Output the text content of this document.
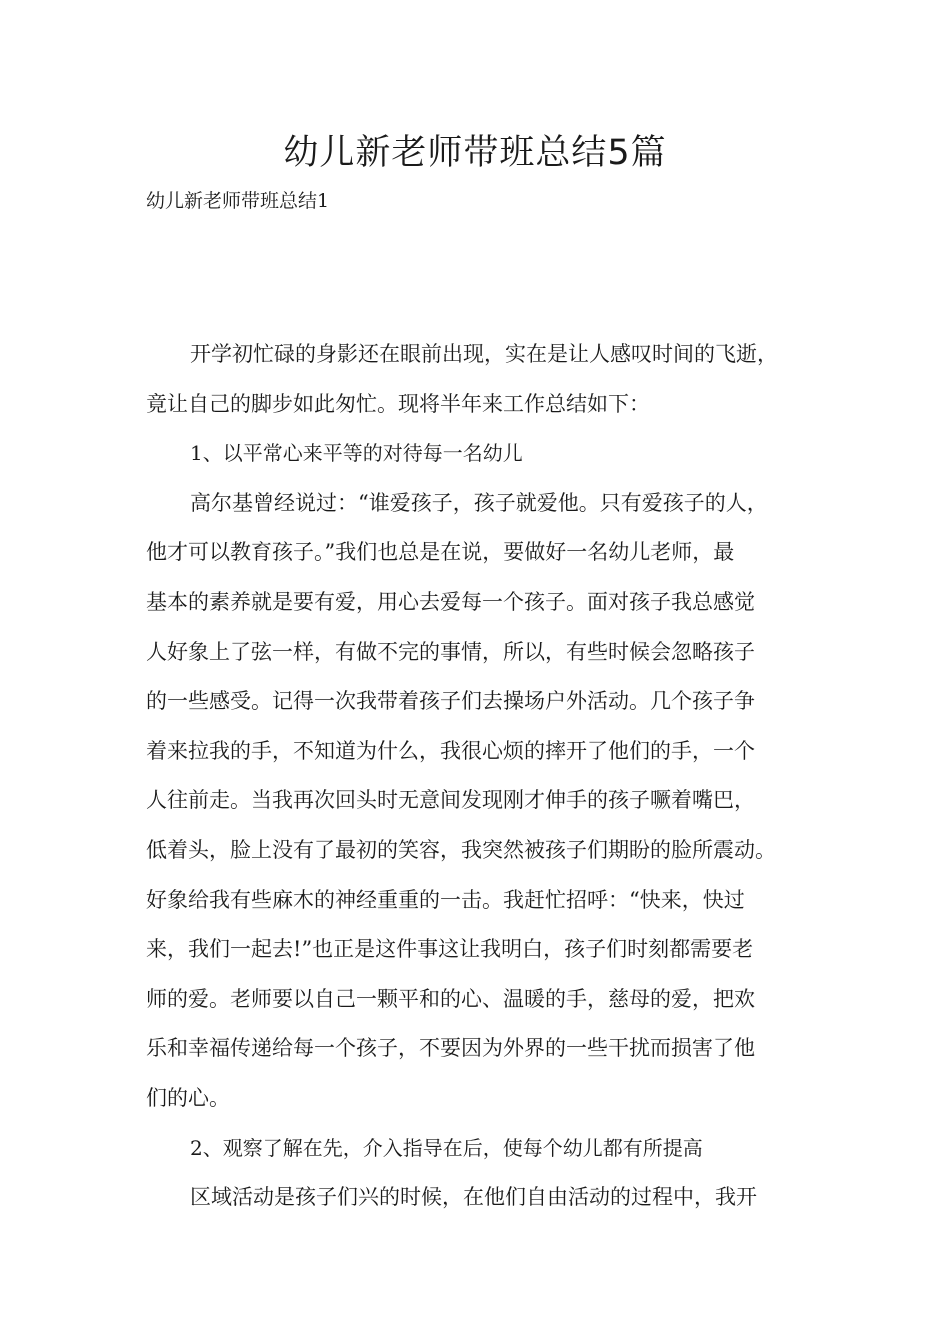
幼儿新老师带班总结5篇

幼儿新老师带班总结1

开学初忙碌的身影还在眼前出现，实在是让人感叹时间的飞逝，

竟让自己的脚步如此匆忙。现将半年来工作总结如下：

1、以平常心来平等的对待每一名幼儿

高尔基曾经说过：“谁爱孩子，孩子就爱他。只有爱孩子的人，

他才可以教育孩子。”我们也总是在说，要做好一名幼儿老师，最

基本的素养就是要有爱，用心去爱每一个孩子。面对孩子我总感觉

人好象上了弦一样，有做不完的事情，所以，有些时候会忽略孩子

的一些感受。记得一次我带着孩子们去操场户外活动。几个孩子争

着来拉我的手，不知道为什么，我很心烦的摔开了他们的手，一个

人往前走。当我再次回头时无意间发现刚才伸手的孩子噘着嘴巴，

低着头，脸上没有了最初的笑容，我突然被孩子们期盼的脸所震动。

好象给我有些麻木的神经重重的一击。我赶忙招呼：“快来，快过

来，我们一起去!”也正是这件事这让我明白，孩子们时刻都需要老

师的爱。老师要以自己一颗平和的心、温暖的手，慈母的爱，把欢

乐和幸福传递给每一个孩子，不要因为外界的一些干扰而损害了他

们的心。

2、观察了解在先，介入指导在后，使每个幼儿都有所提高

区域活动是孩子们兴的时候，在他们自由活动的过程中，我开
